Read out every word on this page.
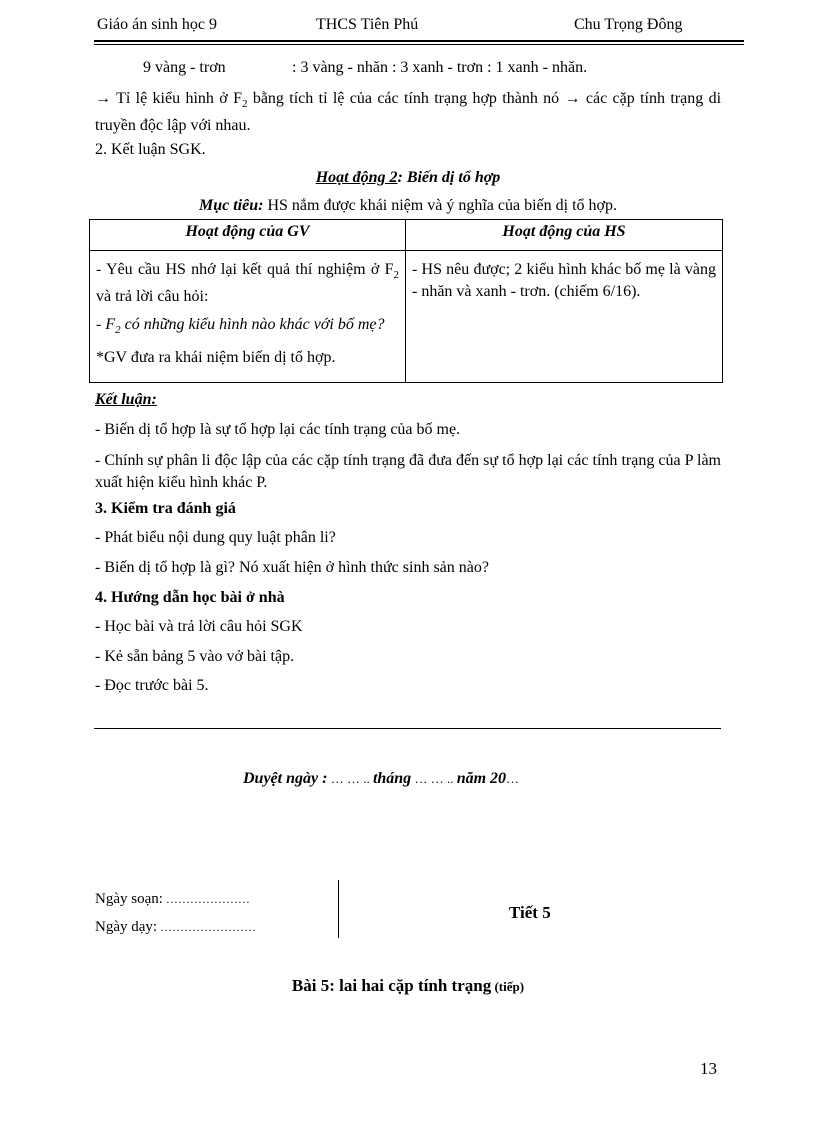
Giáo án sinh học 9	THCS Tiên Phú	Chu Trọng Đông
9 vàng - trơn	: 3 vàng - nhăn : 3 xanh - trơn : 1 xanh - nhăn.
→ Tỉ lệ kiểu hình ở $F_2$ bằng tích tỉ lệ của các tính trạng hợp thành nó → các cặp tính trạng di truyền độc lập với nhau.
2. Kết luận SGK.
Hoạt động 2: Biến dị tổ hợp
Mục tiêu: HS nắm được khái niệm và ý nghĩa của biến dị tổ hợp.
Hoạt động của GV	Hoạt động của HS

- Yêu cầu HS nhớ lại kết quả thí nghiệm ở $F_2$ và trả lời câu hỏi:

- $F_2$ có những kiểu hình nào khác với bố mẹ?

*GV đưa ra khái niệm biến dị tổ hợp.	- HS nêu được; 2 kiểu hình khác bố mẹ là vàng - nhăn và xanh - trơn. (chiếm 6/16).

Kết luận:
- Biến dị tổ hợp là sự tổ hợp lại các tính trạng của bố mẹ.
- Chính sự phân li độc lập của các cặp tính trạng đã đưa đến sự tổ hợp lại các tính trạng của P làm xuất hiện kiểu hình khác P.
3. Kiểm tra đánh giá
- Phát biểu nội dung quy luật phân li?
- Biến dị tổ hợp là gì? Nó xuất hiện ở hình thức sinh sản nào?
4. Hướng dẫn học bài ở nhà
- Học bài và trả lời câu hỏi SGK
- Kẻ sẵn bảng 5 vào vở bài tập.
- Đọc trước bài 5.
Duyệt ngày : … … .. tháng … … .. năm 20…
Ngày soạn: …………………
Ngày dạy: ……………………
Tiết 5
Bài 5: lai hai cặp tính trạng (tiếp)
13
